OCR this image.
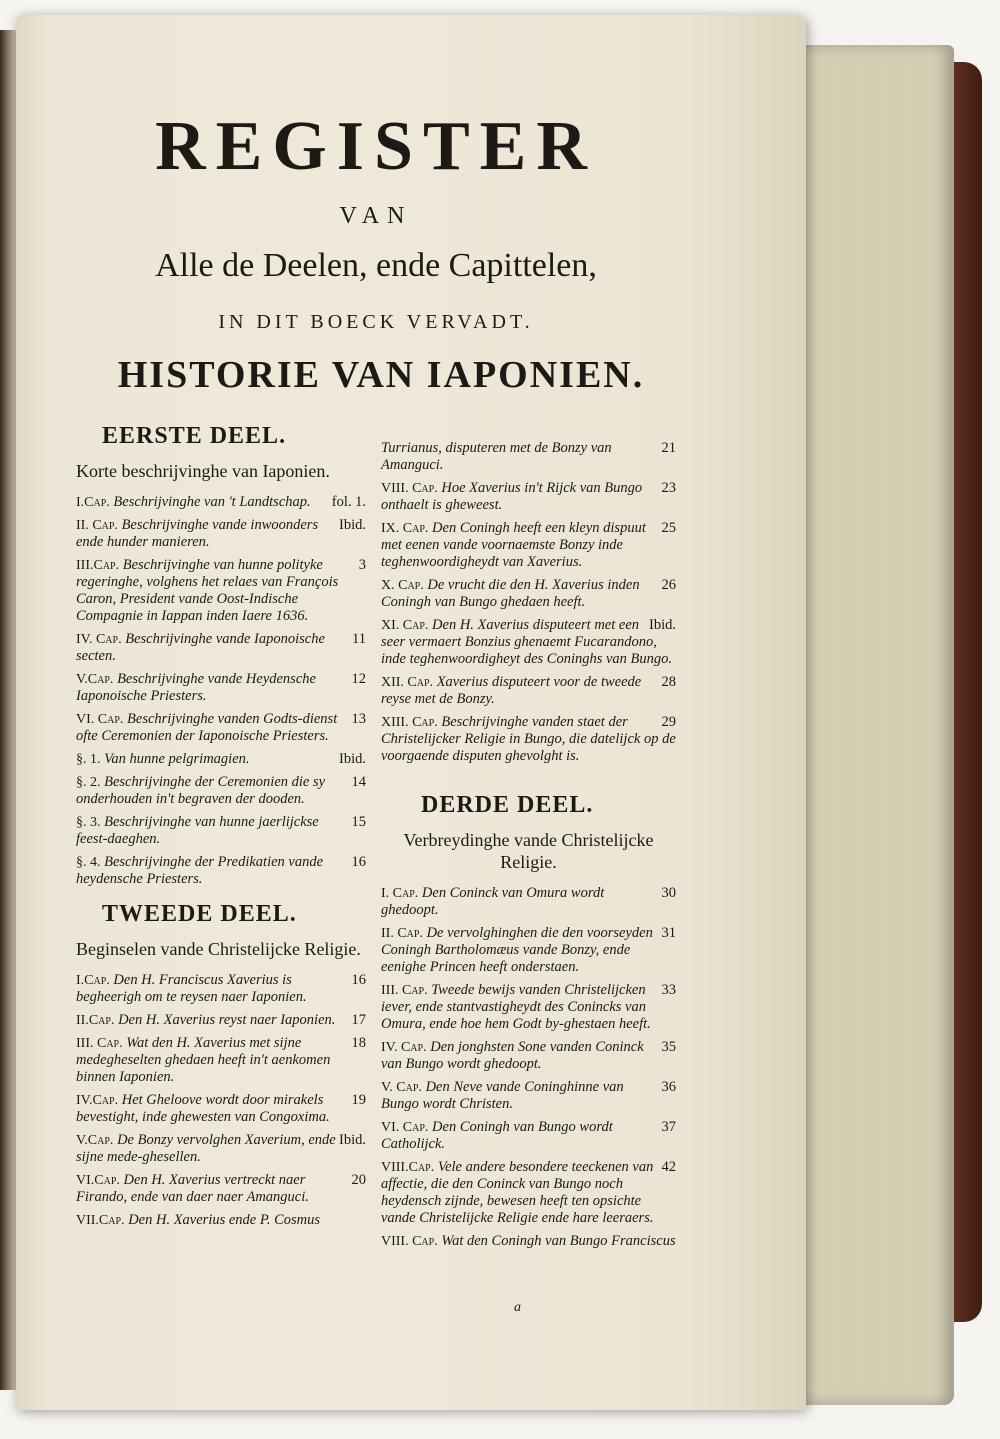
REGISTER
VAN
Alle de Deelen, ende Capittelen,
IN DIT BOECK VERVADT.
HISTORIE VAN IAPONIEN.
EERSTE DEEL.
Korte beschrijvinghe van Iaponien.
fol. 1.
I.Cap. Beschrijvinghe van 't Landtschap.
Ibid.
II. Cap. Beschrijvinghe vande inwoonders ende hunder manieren.
3
III.Cap. Beschrijvinghe van hunne polityke regeringhe, volghens het relaes van François Caron, President vande Oost-Indische Compagnie in Iappan inden Iaere 1636.
11
IV. Cap. Beschrijvinghe vande Iaponoische secten.
12
V.Cap. Beschrijvinghe vande Heydensche Iaponoische Priesters.
13
VI. Cap. Beschrijvinghe vanden Godts-dienst ofte Ceremonien der Iaponoische Priesters.
Ibid.
§. 1. Van hunne pelgrimagien.
14
§. 2. Beschrijvinghe der Ceremonien die sy onderhouden in't begraven der dooden.
15
§. 3. Beschrijvinghe van hunne jaerlijckse feest-daeghen.
16
§. 4. Beschrijvinghe der Predikatien vande heydensche Priesters.
TWEEDE DEEL.
Beginselen vande Christelijcke Religie.
16
I.Cap. Den H. Franciscus Xaverius is begheerigh om te reysen naer Iaponien.
17
II.Cap. Den H. Xaverius reyst naer Iaponien.
18
III. Cap. Wat den H. Xaverius met sijne medegheselten ghedaen heeft in't aenkomen binnen Iaponien.
19
IV.Cap. Het Gheloove wordt door mirakels bevestight, inde ghewesten van Congoxima.
Ibid.
V.Cap. De Bonzy vervolghen Xaverium, ende sijne mede-ghesellen.
20
VI.Cap. Den H. Xaverius vertreckt naer Firando, ende van daer naer Amanguci.
VII.Cap. Den H. Xaverius ende P. Cosmus
21
Turrianus, disputeren met de Bonzy van Amanguci.
23
VIII. Cap. Hoe Xaverius in't Rijck van Bungo onthaelt is gheweest.
25
IX. Cap. Den Coningh heeft een kleyn dispuut met eenen vande voornaemste Bonzy inde teghenwoordigheydt van Xaverius.
26
X. Cap. De vrucht die den H. Xaverius inden Coningh van Bungo ghedaen heeft.
Ibid.
XI. Cap. Den H. Xaverius disputeert met een seer vermaert Bonzius ghenaemt Fucarandono, inde teghenwoordigheyt des Coninghs van Bungo.
28
XII. Cap. Xaverius disputeert voor de tweede reyse met de Bonzy.
29
XIII. Cap. Beschrijvinghe vanden staet der Christelijcker Religie in Bungo, die datelijck op de voorgaende disputen ghevolght is.
DERDE DEEL.
Verbreydinghe vande Christelijcke Religie.
30
I. Cap. Den Coninck van Omura wordt ghedoopt.
31
II. Cap. De vervolghinghen die den voorseyden Coningh Bartholomæus vande Bonzy, ende eenighe Princen heeft onderstaen.
33
III. Cap. Tweede bewijs vanden Christelijcken iever, ende stantvastigheydt des Conincks van Omura, ende hoe hem Godt by-ghestaen heeft.
35
IV. Cap. Den jonghsten Sone vanden Coninck van Bungo wordt ghedoopt.
36
V. Cap. Den Neve vande Coninghinne van Bungo wordt Christen.
37
VI. Cap. Den Coningh van Bungo wordt Catholijck.
42
VIII.Cap. Vele andere besondere teeckenen van affectie, die den Coninck van Bungo noch heydensch zijnde, bewesen heeft ten opsichte vande Christelijcke Religie ende hare leeraers.
VIII. Cap. Wat den Coningh van Bungo Franciscus
a
